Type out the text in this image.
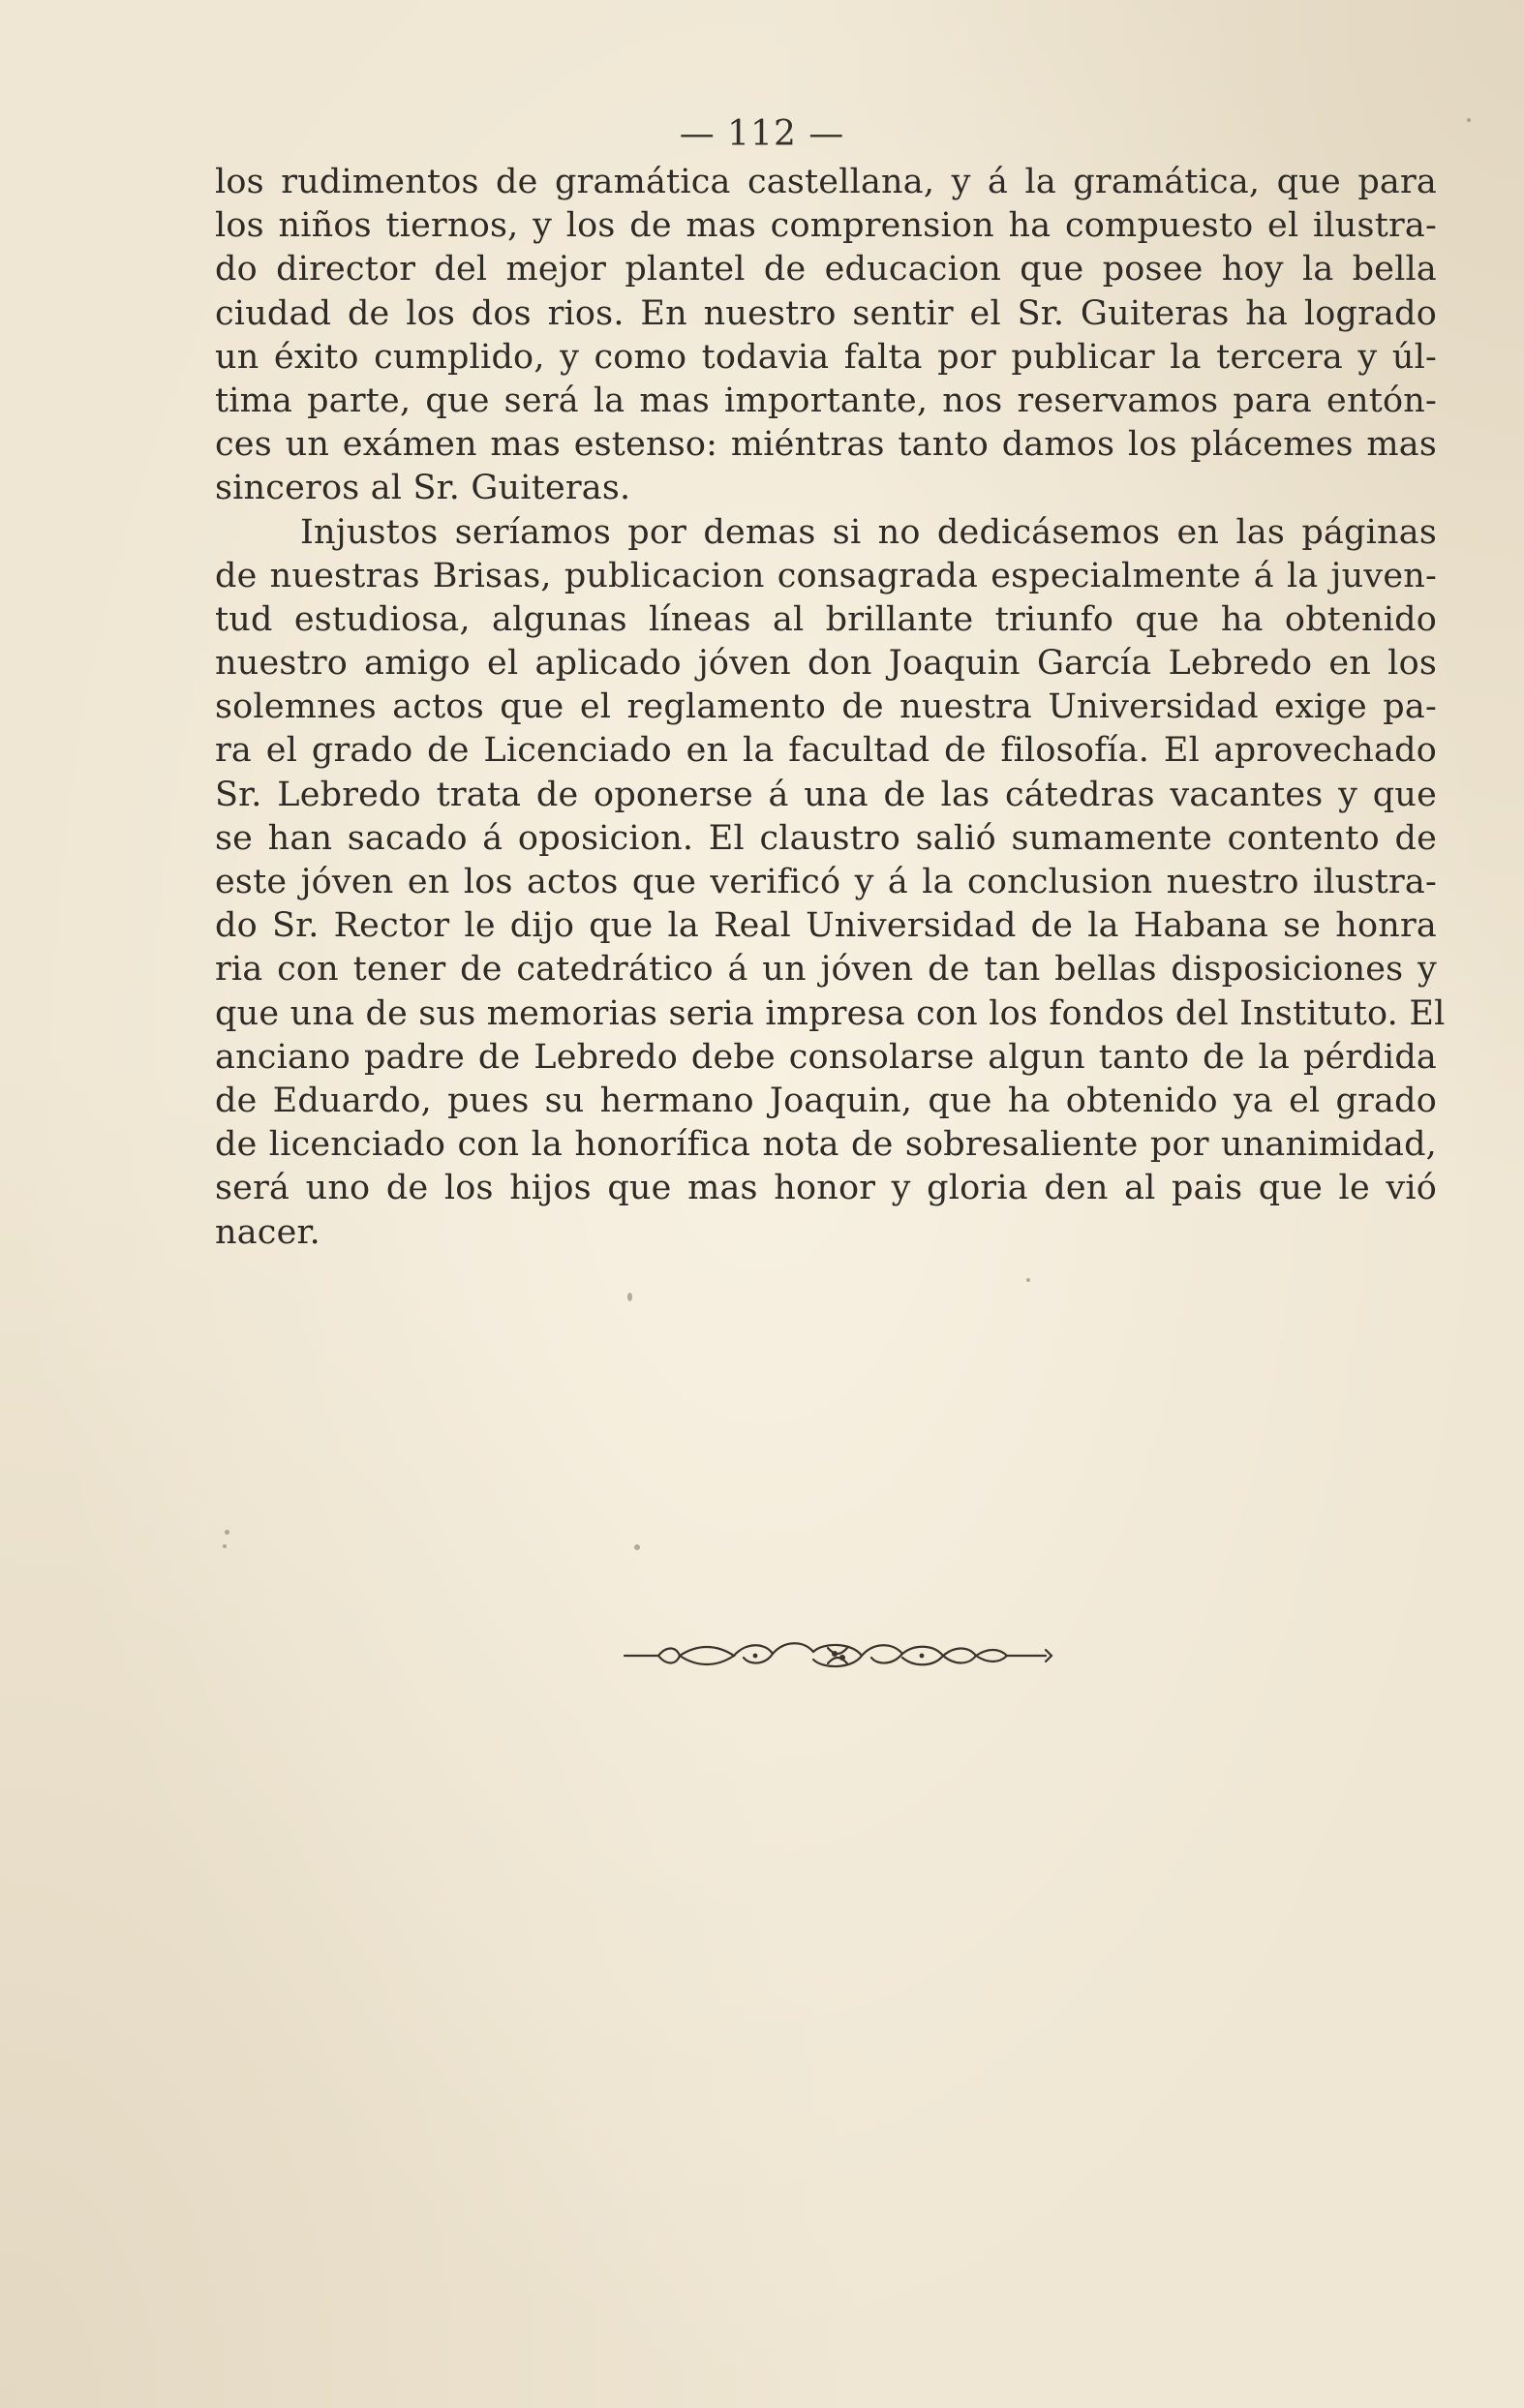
— 112 —
los rudimentos de gramática castellana, y á la gramática, que para
los niños tiernos, y los de mas comprension ha compuesto el ilustra-
do director del mejor plantel de educacion que posee hoy la bella
ciudad de los dos rios. En nuestro sentir el Sr. Guiteras ha logrado
un éxito cumplido, y como todavia falta por publicar la tercera y úl-
tima parte, que será la mas importante, nos reservamos para entón-
ces un exámen mas estenso: miéntras tanto damos los plácemes mas
sinceros al Sr. Guiteras.
Injustos seríamos por demas si no dedicásemos en las páginas
de nuestras Brisas, publicacion consagrada especialmente á la juven-
tud estudiosa, algunas líneas al brillante triunfo que ha obtenido
nuestro amigo el aplicado jóven don Joaquin García Lebredo en los
solemnes actos que el reglamento de nuestra Universidad exige pa-
ra el grado de Licenciado en la facultad de filosofía. El aprovechado
Sr. Lebredo trata de oponerse á una de las cátedras vacantes y que
se han sacado á oposicion. El claustro salió sumamente contento de
este jóven en los actos que verificó y á la conclusion nuestro ilustra-
do Sr. Rector le dijo que la Real Universidad de la Habana se honra
ria con tener de catedrático á un jóven de tan bellas disposiciones y
que una de sus memorias seria impresa con los fondos del Instituto. El
anciano padre de Lebredo debe consolarse algun tanto de la pérdida
de Eduardo, pues su hermano Joaquin, que ha obtenido ya el grado
de licenciado con la honorífica nota de sobresaliente por unanimidad,
será uno de los hijos que mas honor y gloria den al pais que le vió
nacer.
